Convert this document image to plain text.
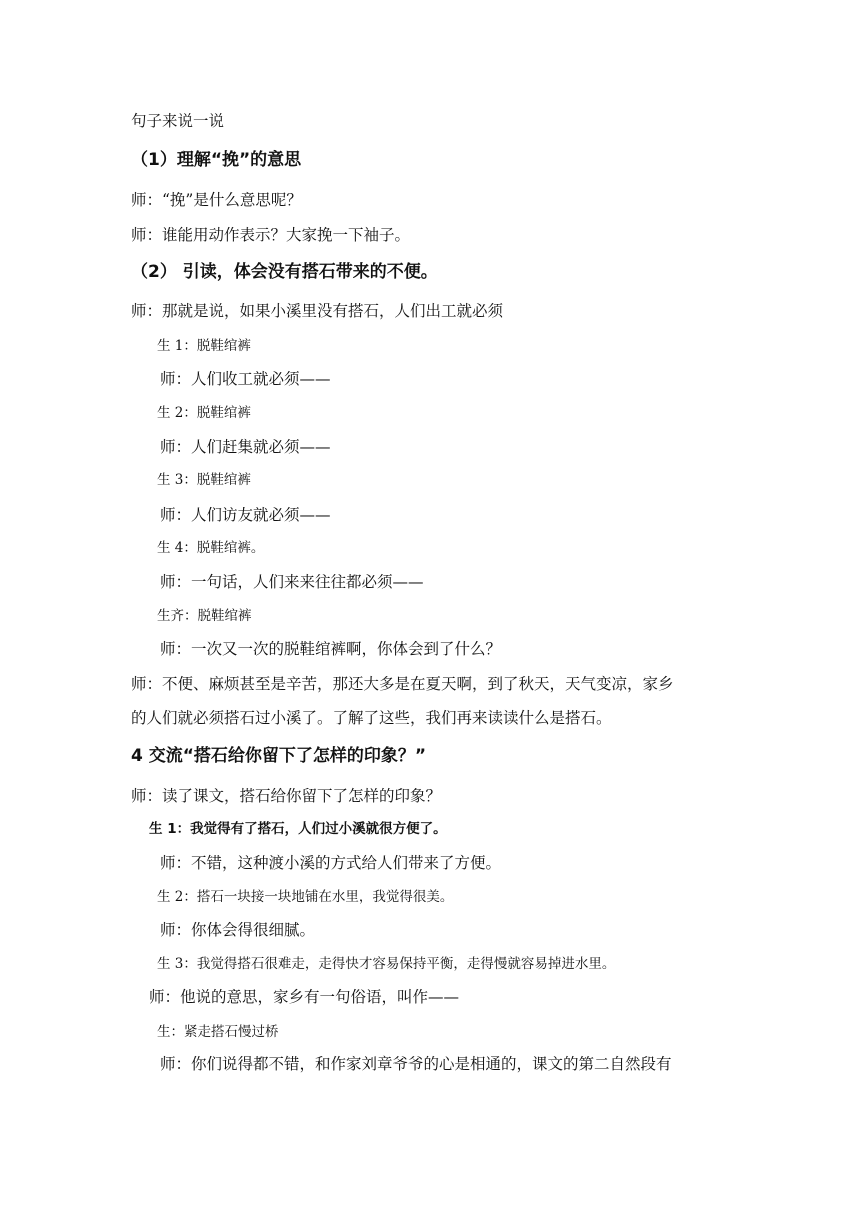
句子来说一说
（1）理解“挽”的意思
师：“挽”是什么意思呢？
师：谁能用动作表示？大家挽一下袖子。
（2） 引读，体会没有搭石带来的不便。
师：那就是说，如果小溪里没有搭石，人们出工就必须
生 1：脱鞋绾裤
师：人们收工就必须——
生 2：脱鞋绾裤
师：人们赶集就必须——
生 3：脱鞋绾裤
师：人们访友就必须——
生 4：脱鞋绾裤。
师：一句话，人们来来往往都必须——
生齐：脱鞋绾裤
师：一次又一次的脱鞋绾裤啊，你体会到了什么？
师：不便、麻烦甚至是辛苦，那还大多是在夏天啊，到了秋天，天气变凉，家乡
的人们就必须搭石过小溪了。了解了这些，我们再来读读什么是搭石。
4 交流“搭石给你留下了怎样的印象？”
师：读了课文，搭石给你留下了怎样的印象？
生 1：我觉得有了搭石，人们过小溪就很方便了。
师：不错，这种渡小溪的方式给人们带来了方便。
生 2：搭石一块接一块地铺在水里，我觉得很美。
师：你体会得很细腻。
生 3：我觉得搭石很难走，走得快才容易保持平衡，走得慢就容易掉进水里。
师：他说的意思，家乡有一句俗语，叫作——
生：紧走搭石慢过桥
师：你们说得都不错，和作家刘章爷爷的心是相通的，课文的第二自然段有
